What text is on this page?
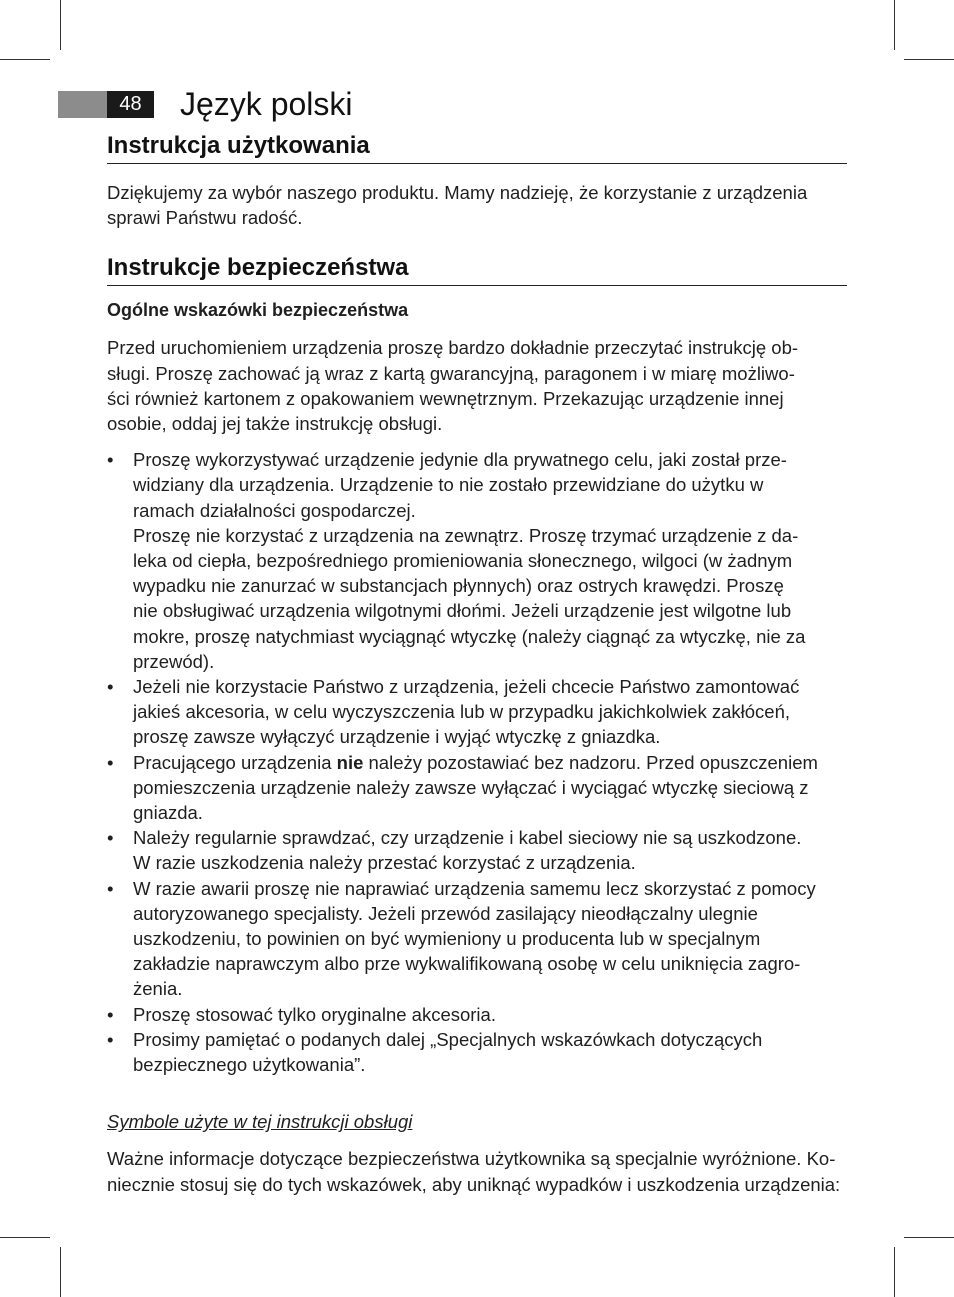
48	Język polski
Instrukcja użytkowania

Dziękujemy za wybór naszego produktu. Mamy nadzieję, że korzystanie z urządzenia
sprawi Państwu radość.

Instrukcje bezpieczeństwa

Ogólne wskazówki bezpieczeństwa

Przed uruchomieniem urządzenia proszę bardzo dokładnie przeczytać instrukcję ob-
sługi. Proszę zachować ją wraz z kartą gwarancyjną, paragonem i w miarę możliwo-
ści również kartonem z opakowaniem wewnętrznym. Przekazując urządzenie innej
osobie, oddaj jej także instrukcję obsługi.

• Proszę wykorzystywać urządzenie jedynie dla prywatnego celu, jaki został prze-
widziany dla urządzenia. Urządzenie to nie zostało przewidziane do użytku w
ramach działalności gospodarczej.
Proszę nie korzystać z urządzenia na zewnątrz. Proszę trzymać urządzenie z da-
leka od ciepła, bezpośredniego promieniowania słonecznego, wilgoci (w żadnym
wypadku nie zanurzać w substancjach płynnych) oraz ostrych krawędzi. Proszę
nie obsługiwać urządzenia wilgotnymi dłońmi. Jeżeli urządzenie jest wilgotne lub
mokre, proszę natychmiast wyciągnąć wtyczkę (należy ciągnąć za wtyczkę, nie za
przewód).
• Jeżeli nie korzystacie Państwo z urządzenia, jeżeli chcecie Państwo zamontować
jakieś akcesoria, w celu wyczyszczenia lub w przypadku jakichkolwiek zakłóceń,
proszę zawsze wyłączyć urządzenie i wyjąć wtyczkę z gniazdka.
• Pracującego urządzenia nie należy pozostawiać bez nadzoru. Przed opuszczeniem
pomieszczenia urządzenie należy zawsze wyłączać i wyciągać wtyczkę sieciową z
gniazda.
• Należy regularnie sprawdzać, czy urządzenie i kabel sieciowy nie są uszkodzone.
W razie uszkodzenia należy przestać korzystać z urządzenia.
• W razie awarii proszę nie naprawiać urządzenia samemu lecz skorzystać z pomocy
autoryzowanego specjalisty. Jeżeli przewód zasilający nieodłączalny ulegnie
uszkodzeniu, to powinien on być wymieniony u producenta lub w specjalnym
zakładzie naprawczym albo prze wykwalifikowaną osobę w celu uniknięcia zagro-
żenia.
• Proszę stosować tylko oryginalne akcesoria.
• Prosimy pamiętać o podanych dalej „Specjalnych wskazówkach dotyczących
bezpiecznego użytkowania”.

Symbole użyte w tej instrukcji obsługi

Ważne informacje dotyczące bezpieczeństwa użytkownika są specjalnie wyróżnione. Ko-
niecznie stosuj się do tych wskazówek, aby uniknąć wypadków i uszkodzenia urządzenia:
